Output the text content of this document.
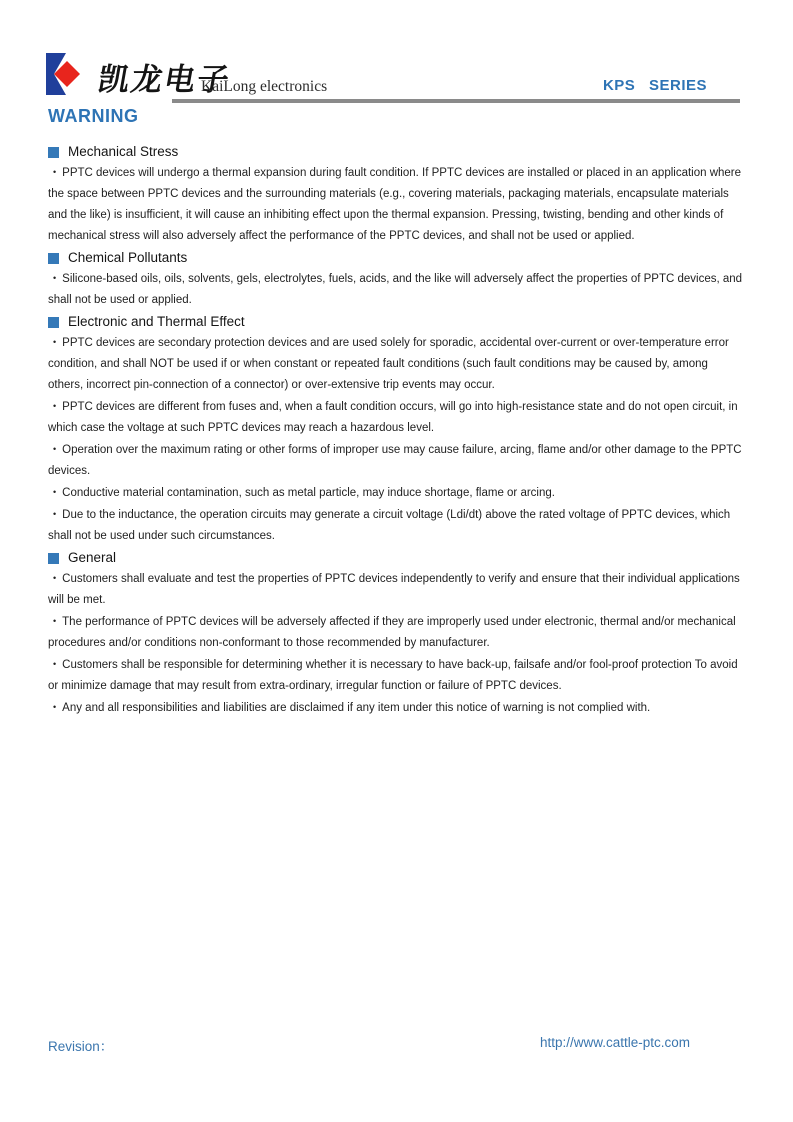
凯龙电子
KaiLong electronics	KPS SERIES
WARNING
Mechanical Stress

• PPTC devices will undergo a thermal expansion during fault condition. If PPTC devices are installed or placed in an application where the space between PPTC devices and the surrounding materials (e.g., covering materials, packaging materials, encapsulate materials and the like) is insufficient, it will cause an inhibiting effect upon the thermal expansion. Pressing, twisting, bending and other kinds of mechanical stress will also adversely affect the performance of the PPTC devices, and shall not be used or applied.

Chemical Pollutants

• Silicone-based oils, oils, solvents, gels, electrolytes, fuels, acids, and the like will adversely affect the properties of PPTC devices, and shall not be used or applied.

Electronic and Thermal Effect

• PPTC devices are secondary protection devices and are used solely for sporadic, accidental over-current or over-temperature error condition, and shall NOT be used if or when constant or repeated fault conditions (such fault conditions may be caused by, among others, incorrect pin-connection of a connector) or over-extensive trip events may occur.

• PPTC devices are different from fuses and, when a fault condition occurs, will go into high-resistance state and do not open circuit, in which case the voltage at such PPTC devices may reach a hazardous level.

• Operation over the maximum rating or other forms of improper use may cause failure, arcing, flame and/or other damage to the PPTC devices.

• Conductive material contamination, such as metal particle, may induce shortage, flame or arcing.

• Due to the inductance, the operation circuits may generate a circuit voltage (Ldi/dt) above the rated voltage of PPTC devices, which shall not be used under such circumstances.

General

• Customers shall evaluate and test the properties of PPTC devices independently to verify and ensure that their individual applications will be met.

• The performance of PPTC devices will be adversely affected if they are improperly used under electronic, thermal and/or mechanical procedures and/or conditions non-conformant to those recommended by manufacturer.

• Customers shall be responsible for determining whether it is necessary to have back-up, failsafe and/or fool-proof protection To avoid or minimize damage that may result from extra-ordinary, irregular function or failure of PPTC devices.

• Any and all responsibilities and liabilities are disclaimed if any item under this notice of warning is not complied with.

Revision：	http://www.cattle-ptc.com
